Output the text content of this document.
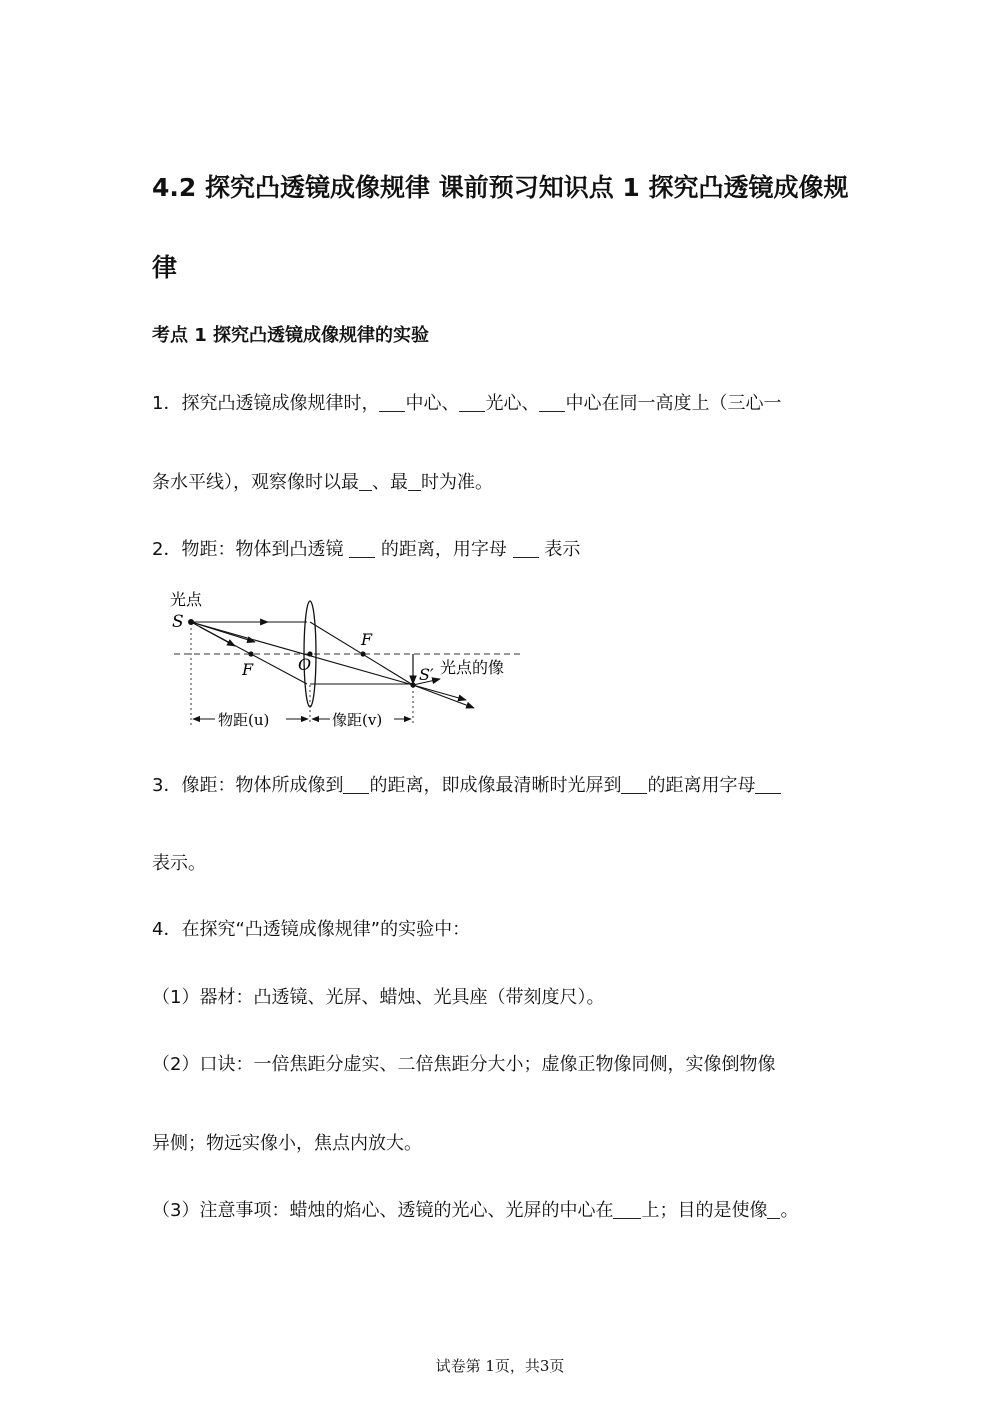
4.2 探究凸透镜成像规律 课前预习知识点 1 探究凸透镜成像规
律
考点 1 探究凸透镜成像规律的实验
1．探究凸透镜成像规律时， 中心、 光心、 中心在同一高度上（三心一
条水平线），观察像时以最 、最 时为准。
2．物距：物体到凸透镜  的距离，用字母  表示
光点
S
F	O
F
S′ 光点的像
物距(u)	像距(v)
3．像距：物体所成像到 的距离，即成像最清晰时光屏到 的距离用字母
表示。
4．在探究“凸透镜成像规律”的实验中：
（1）器材：凸透镜、光屏、蜡烛、光具座（带刻度尺）。
（2）口诀：一倍焦距分虚实、二倍焦距分大小；虚像正物像同侧，实像倒物像
异侧；物远实像小，焦点内放大。
（3）注意事项：蜡烛的焰心、透镜的光心、光屏的中心在 上；目的是使像 。
试卷第 1页，共3页
